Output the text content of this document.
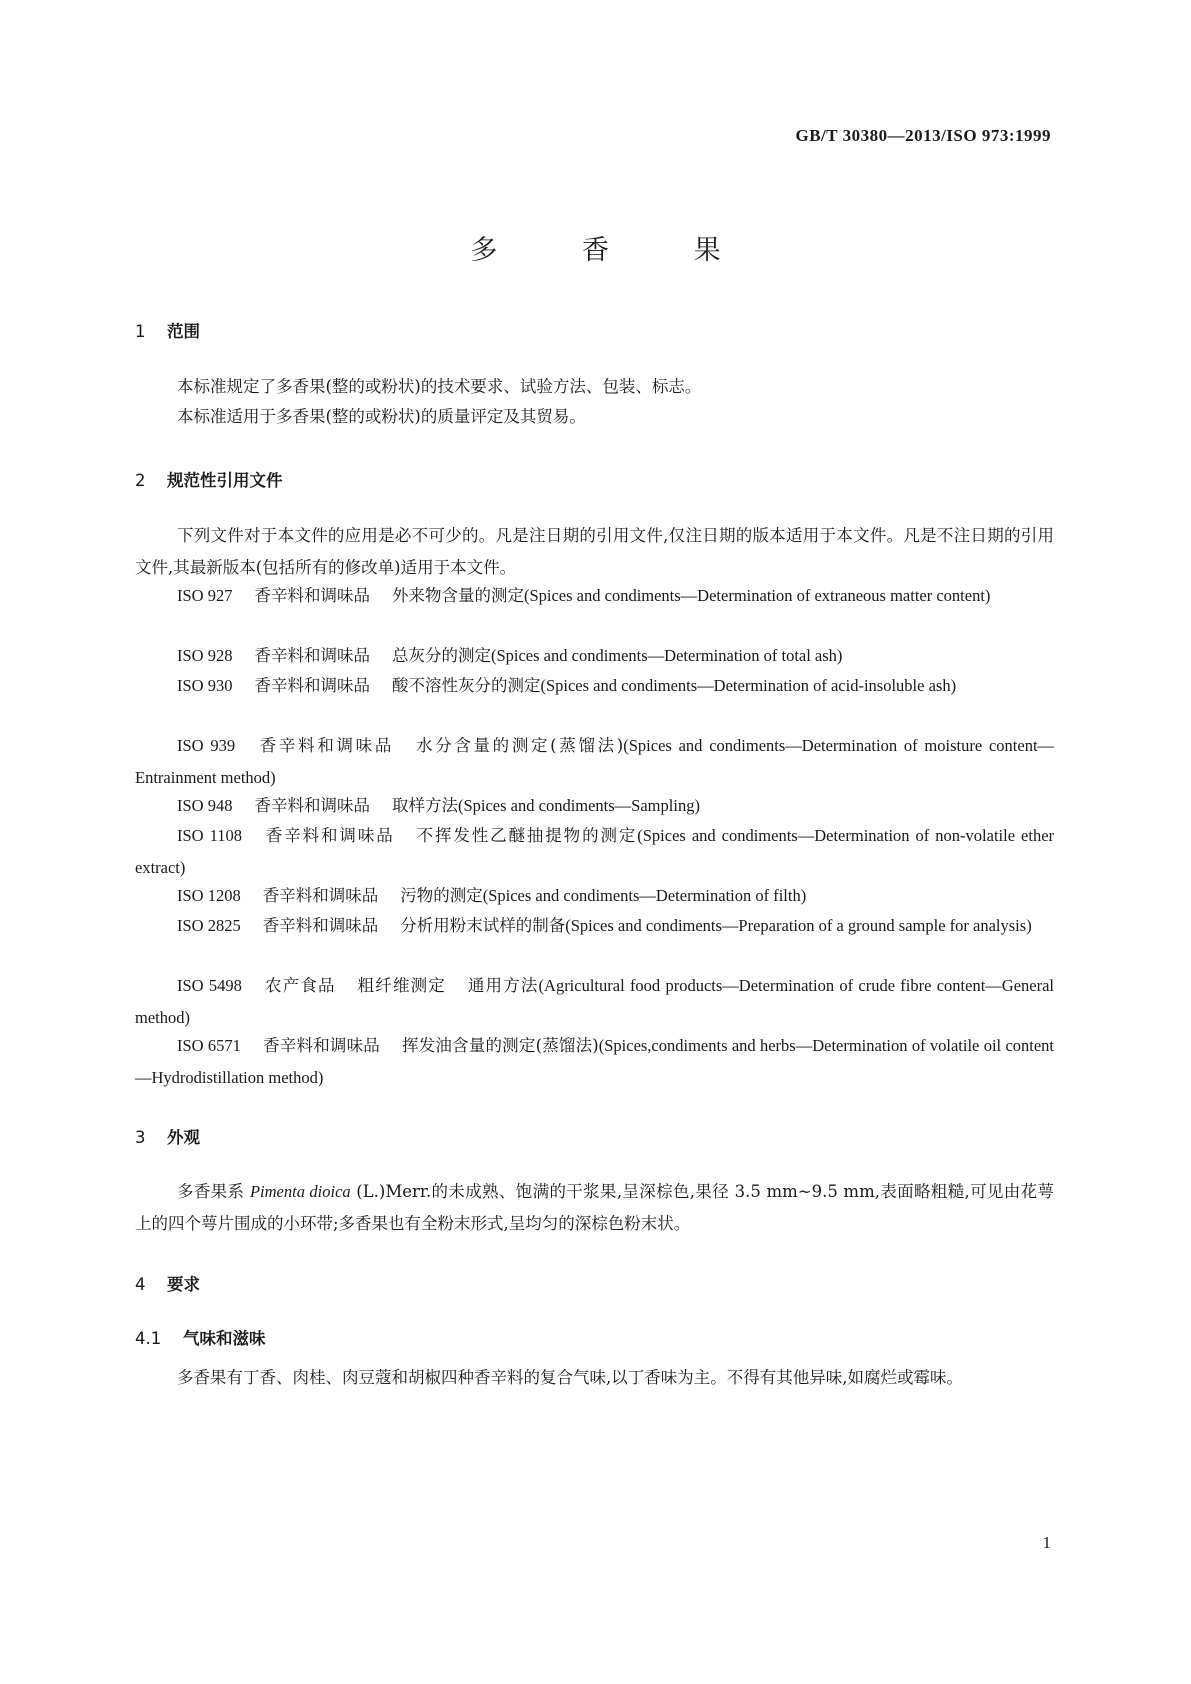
GB/T 30380—2013/ISO 973:1999
多 香 果
1 范围
本标准规定了多香果(整的或粉状)的技术要求、试验方法、包装、标志。
本标准适用于多香果(整的或粉状)的质量评定及其贸易。
2 规范性引用文件
下列文件对于本文件的应用是必不可少的。凡是注日期的引用文件,仅注日期的版本适用于本文件。凡是不注日期的引用文件,其最新版本(包括所有的修改单)适用于本文件。
ISO 927 香辛料和调味品 外来物含量的测定(Spices and condiments—Determination of extraneous matter content)
ISO 928 香辛料和调味品 总灰分的测定(Spices and condiments—Determination of total ash)
ISO 930 香辛料和调味品 酸不溶性灰分的测定(Spices and condiments—Determination of acid-insoluble ash)
ISO 939 香辛料和调味品 水分含量的测定(蒸馏法)(Spices and condiments—Determination of moisture content—Entrainment method)
ISO 948 香辛料和调味品 取样方法(Spices and condiments—Sampling)
ISO 1108 香辛料和调味品 不挥发性乙醚抽提物的测定(Spices and condiments—Determination of non-volatile ether extract)
ISO 1208 香辛料和调味品 污物的测定(Spices and condiments—Determination of filth)
ISO 2825 香辛料和调味品 分析用粉末试样的制备(Spices and condiments—Preparation of a ground sample for analysis)
ISO 5498 农产食品 粗纤维测定 通用方法(Agricultural food products—Determination of crude fibre content—General method)
ISO 6571 香辛料和调味品 挥发油含量的测定(蒸馏法)(Spices,condiments and herbs—Determination of volatile oil content—Hydrodistillation method)
3 外观
多香果系 Pimenta dioica (L.)Merr.的未成熟、饱满的干浆果,呈深棕色,果径 3.5 mm~9.5 mm,表面略粗糙,可见由花萼上的四个萼片围成的小环带;多香果也有全粉末形式,呈均匀的深棕色粉末状。
4 要求
4.1 气味和滋味
多香果有丁香、肉桂、肉豆蔻和胡椒四种香辛料的复合气味,以丁香味为主。不得有其他异味,如腐烂或霉味。
1
